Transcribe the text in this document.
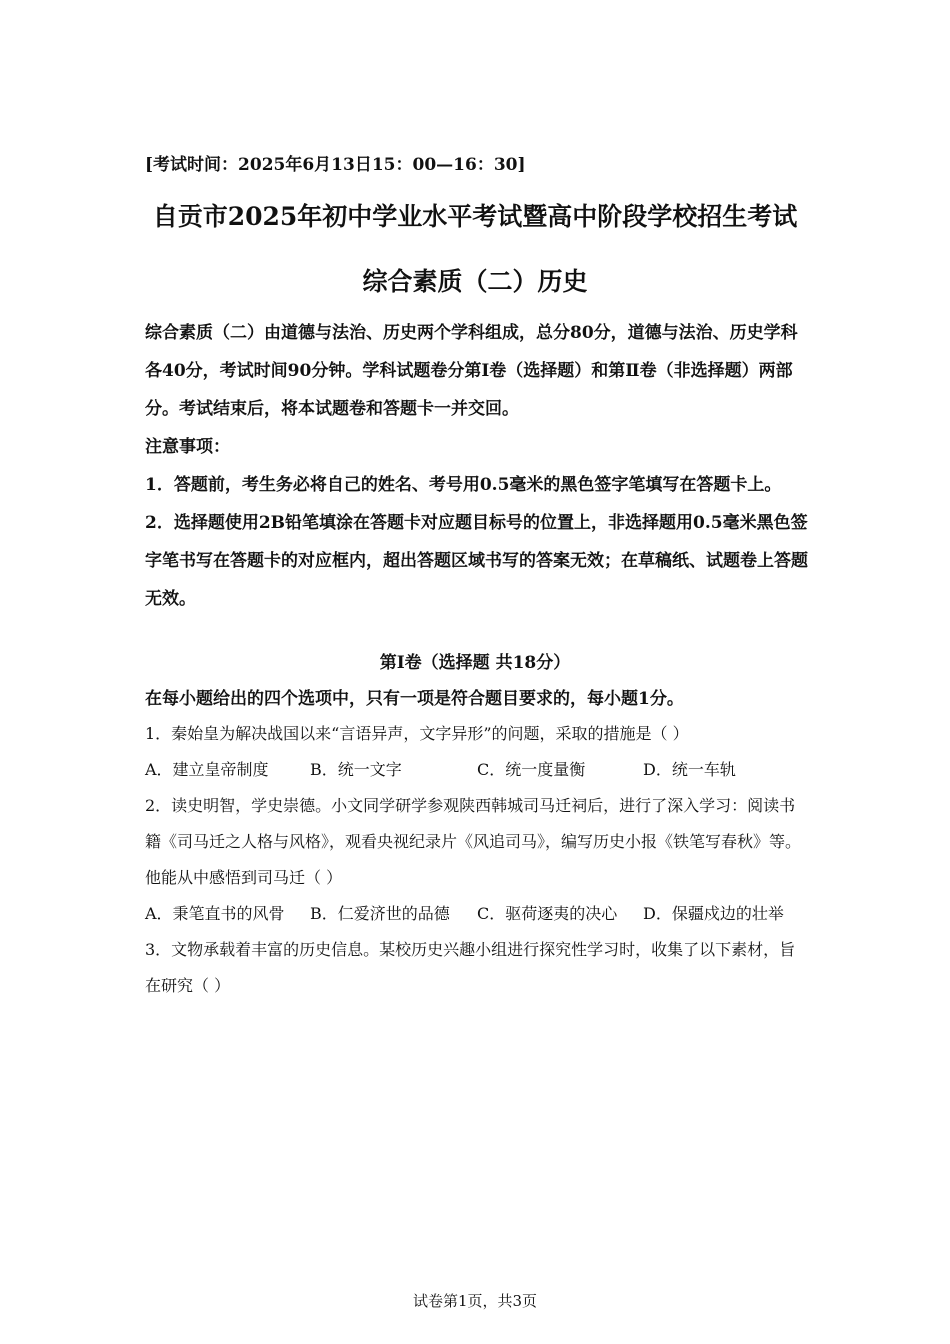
[考试时间：2025年6月13日15：00—16：30]
自贡市2025年初中学业水平考试暨高中阶段学校招生考试
综合素质（二）历史

综合素质（二）由道德与法治、历史两个学科组成，总分80分，道德与法治、历史学科各40分，考试时间90分钟。学科试题卷分第Ⅰ卷（选择题）和第Ⅱ卷（非选择题）两部分。考试结束后，将本试题卷和答题卡一并交回。

注意事项：

1．答题前，考生务必将自己的姓名、考号用0.5毫米的黑色签字笔填写在答题卡上。

2．选择题使用2B铅笔填涂在答题卡对应题目标号的位置上，非选择题用0.5毫米黑色签字笔书写在答题卡的对应框内，超出答题区域书写的答案无效；在草稿纸、试题卷上答题无效。

第Ⅰ卷（选择题 共18分）
在每小题给出的四个选项中，只有一项是符合题目要求的，每小题1分。

1．秦始皇为解决战国以来“言语异声，文字异形”的问题，采取的措施是（ ）

A．建立皇帝制度	B．统一文字	C．统一度量衡	D．统一车轨

2．读史明智，学史崇德。小文同学研学参观陕西韩城司马迁祠后，进行了深入学习：阅读书籍《司马迁之人格与风格》，观看央视纪录片《风追司马》，编写历史小报《铁笔写春秋》等。他能从中感悟到司马迁（ ）

A．秉笔直书的风骨	B．仁爱济世的品德	C．驱荷逐夷的决心	D．保疆戍边的壮举

3．文物承载着丰富的历史信息。某校历史兴趣小组进行探究性学习时，收集了以下素材，旨在研究（ ）

试卷第1页，共3页
